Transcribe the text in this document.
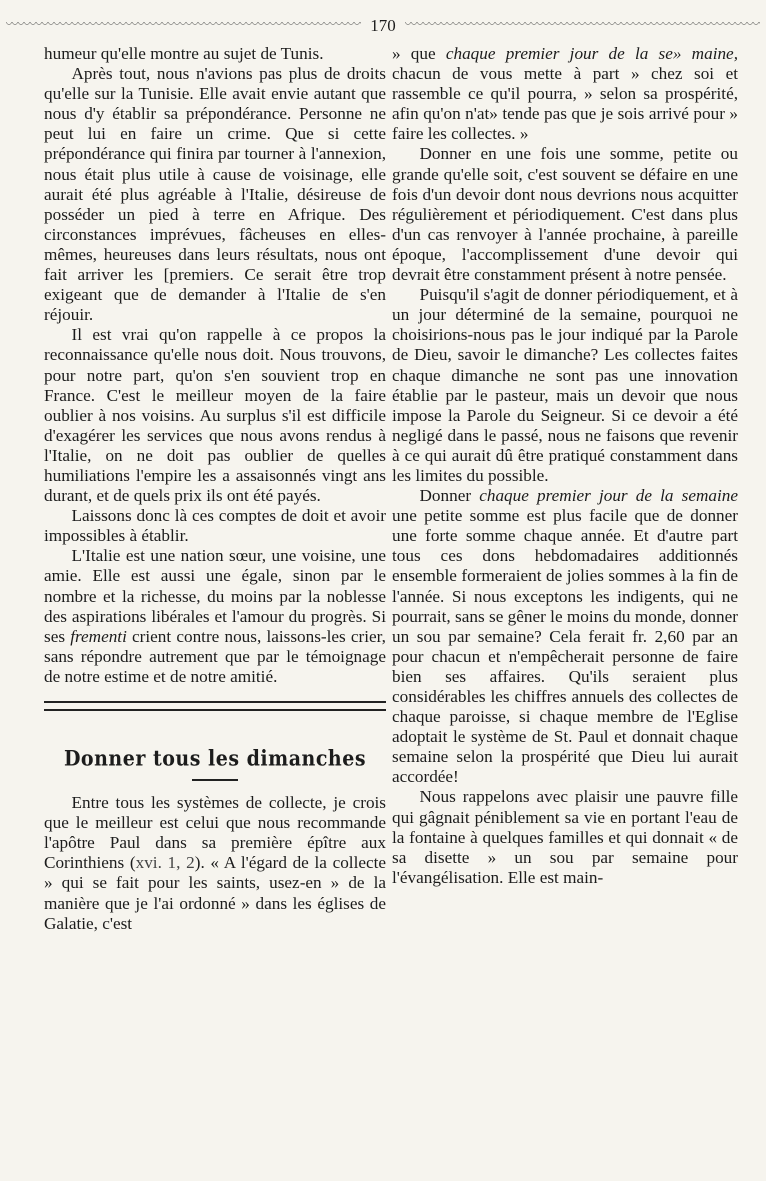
170

humeur qu'elle montre au sujet de Tunis.

Après tout, nous n'avions pas plus de droits qu'elle sur la Tunisie. Elle avait envie autant que nous d'y établir sa prépondérance. Personne ne peut lui en faire un crime. Que si cette prépondérance qui finira par tourner à l'annexion, nous était plus utile à cause de voisinage, elle aurait été plus agréable à l'Italie, désireuse de posséder un pied à terre en Afrique. Des circonstances imprévues, fâcheuses en elles-mêmes, heureuses dans leurs résultats, nous ont fait arriver les [premiers. Ce serait être trop exigeant que de demander à l'Italie de s'en réjouir.

Il est vrai qu'on rappelle à ce propos la reconnaissance qu'elle nous doit. Nous trouvons, pour notre part, qu'on s'en souvient trop en France. C'est le meilleur moyen de la faire oublier à nos voisins. Au surplus s'il est difficile d'exagérer les services que nous avons rendus à l'Italie, on ne doit pas oublier de quelles humiliations l'empire les a assaisonnés vingt ans durant, et de quels prix ils ont été payés.

Laissons donc là ces comptes de doit et avoir impossibles à établir.

L'Italie est une nation sœur, une voisine, une amie. Elle est aussi une égale, sinon par le nombre et la richesse, du moins par la noblesse des aspirations libérales et l'amour du progrès. Si ses frementi crient contre nous, laissons-les crier, sans répondre autrement que par le témoignage de notre estime et de notre amitié.

Donner tous les dimanches

Entre tous les systèmes de collecte, je crois que le meilleur est celui que nous recommande l'apôtre Paul dans sa première épître aux Corinthiens (xvi. 1, 2). « A l'égard de la collecte » qui se fait pour les saints, usez-en » de la manière que je l'ai ordonné » dans les églises de Galatie, c'est

» que chaque premier jour de la se» maine, chacun de vous mette à part » chez soi et rassemble ce qu'il pourra, » selon sa prospérité, afin qu'on n'at» tende pas que je sois arrivé pour » faire les collectes. »

Donner en une fois une somme, petite ou grande qu'elle soit, c'est souvent se défaire en une fois d'un devoir dont nous devrions nous acquitter régulièrement et périodiquement. C'est dans plus d'un cas renvoyer à l'année prochaine, à pareille époque, l'accomplissement d'une devoir qui devrait être constamment présent à notre pensée.

Puisqu'il s'agit de donner périodiquement, et à un jour déterminé de la semaine, pourquoi ne choisirions-nous pas le jour indiqué par la Parole de Dieu, savoir le dimanche? Les collectes faites chaque dimanche ne sont pas une innovation établie par le pasteur, mais un devoir que nous impose la Parole du Seigneur. Si ce devoir a été negligé dans le passé, nous ne faisons que revenir à ce qui aurait dû être pratiqué constamment dans les limites du possible.

Donner chaque premier jour de la semaine une petite somme est plus facile que de donner une forte somme chaque année. Et d'autre part tous ces dons hebdomadaires additionnés ensemble formeraient de jolies sommes à la fin de l'année. Si nous exceptons les indigents, qui ne pourrait, sans se gêner le moins du monde, donner un sou par semaine? Cela ferait fr. 2,60 par an pour chacun et n'empêcherait personne de faire bien ses affaires. Qu'ils seraient plus considérables les chiffres annuels des collectes de chaque paroisse, si chaque membre de l'Eglise adoptait le système de St. Paul et donnait chaque semaine selon la prospérité que Dieu lui aurait accordée!

Nous rappelons avec plaisir une pauvre fille qui gâgnait péniblement sa vie en portant l'eau de la fontaine à quelques familles et qui donnait « de sa disette » un sou par semaine pour l'évangélisation. Elle est main-
